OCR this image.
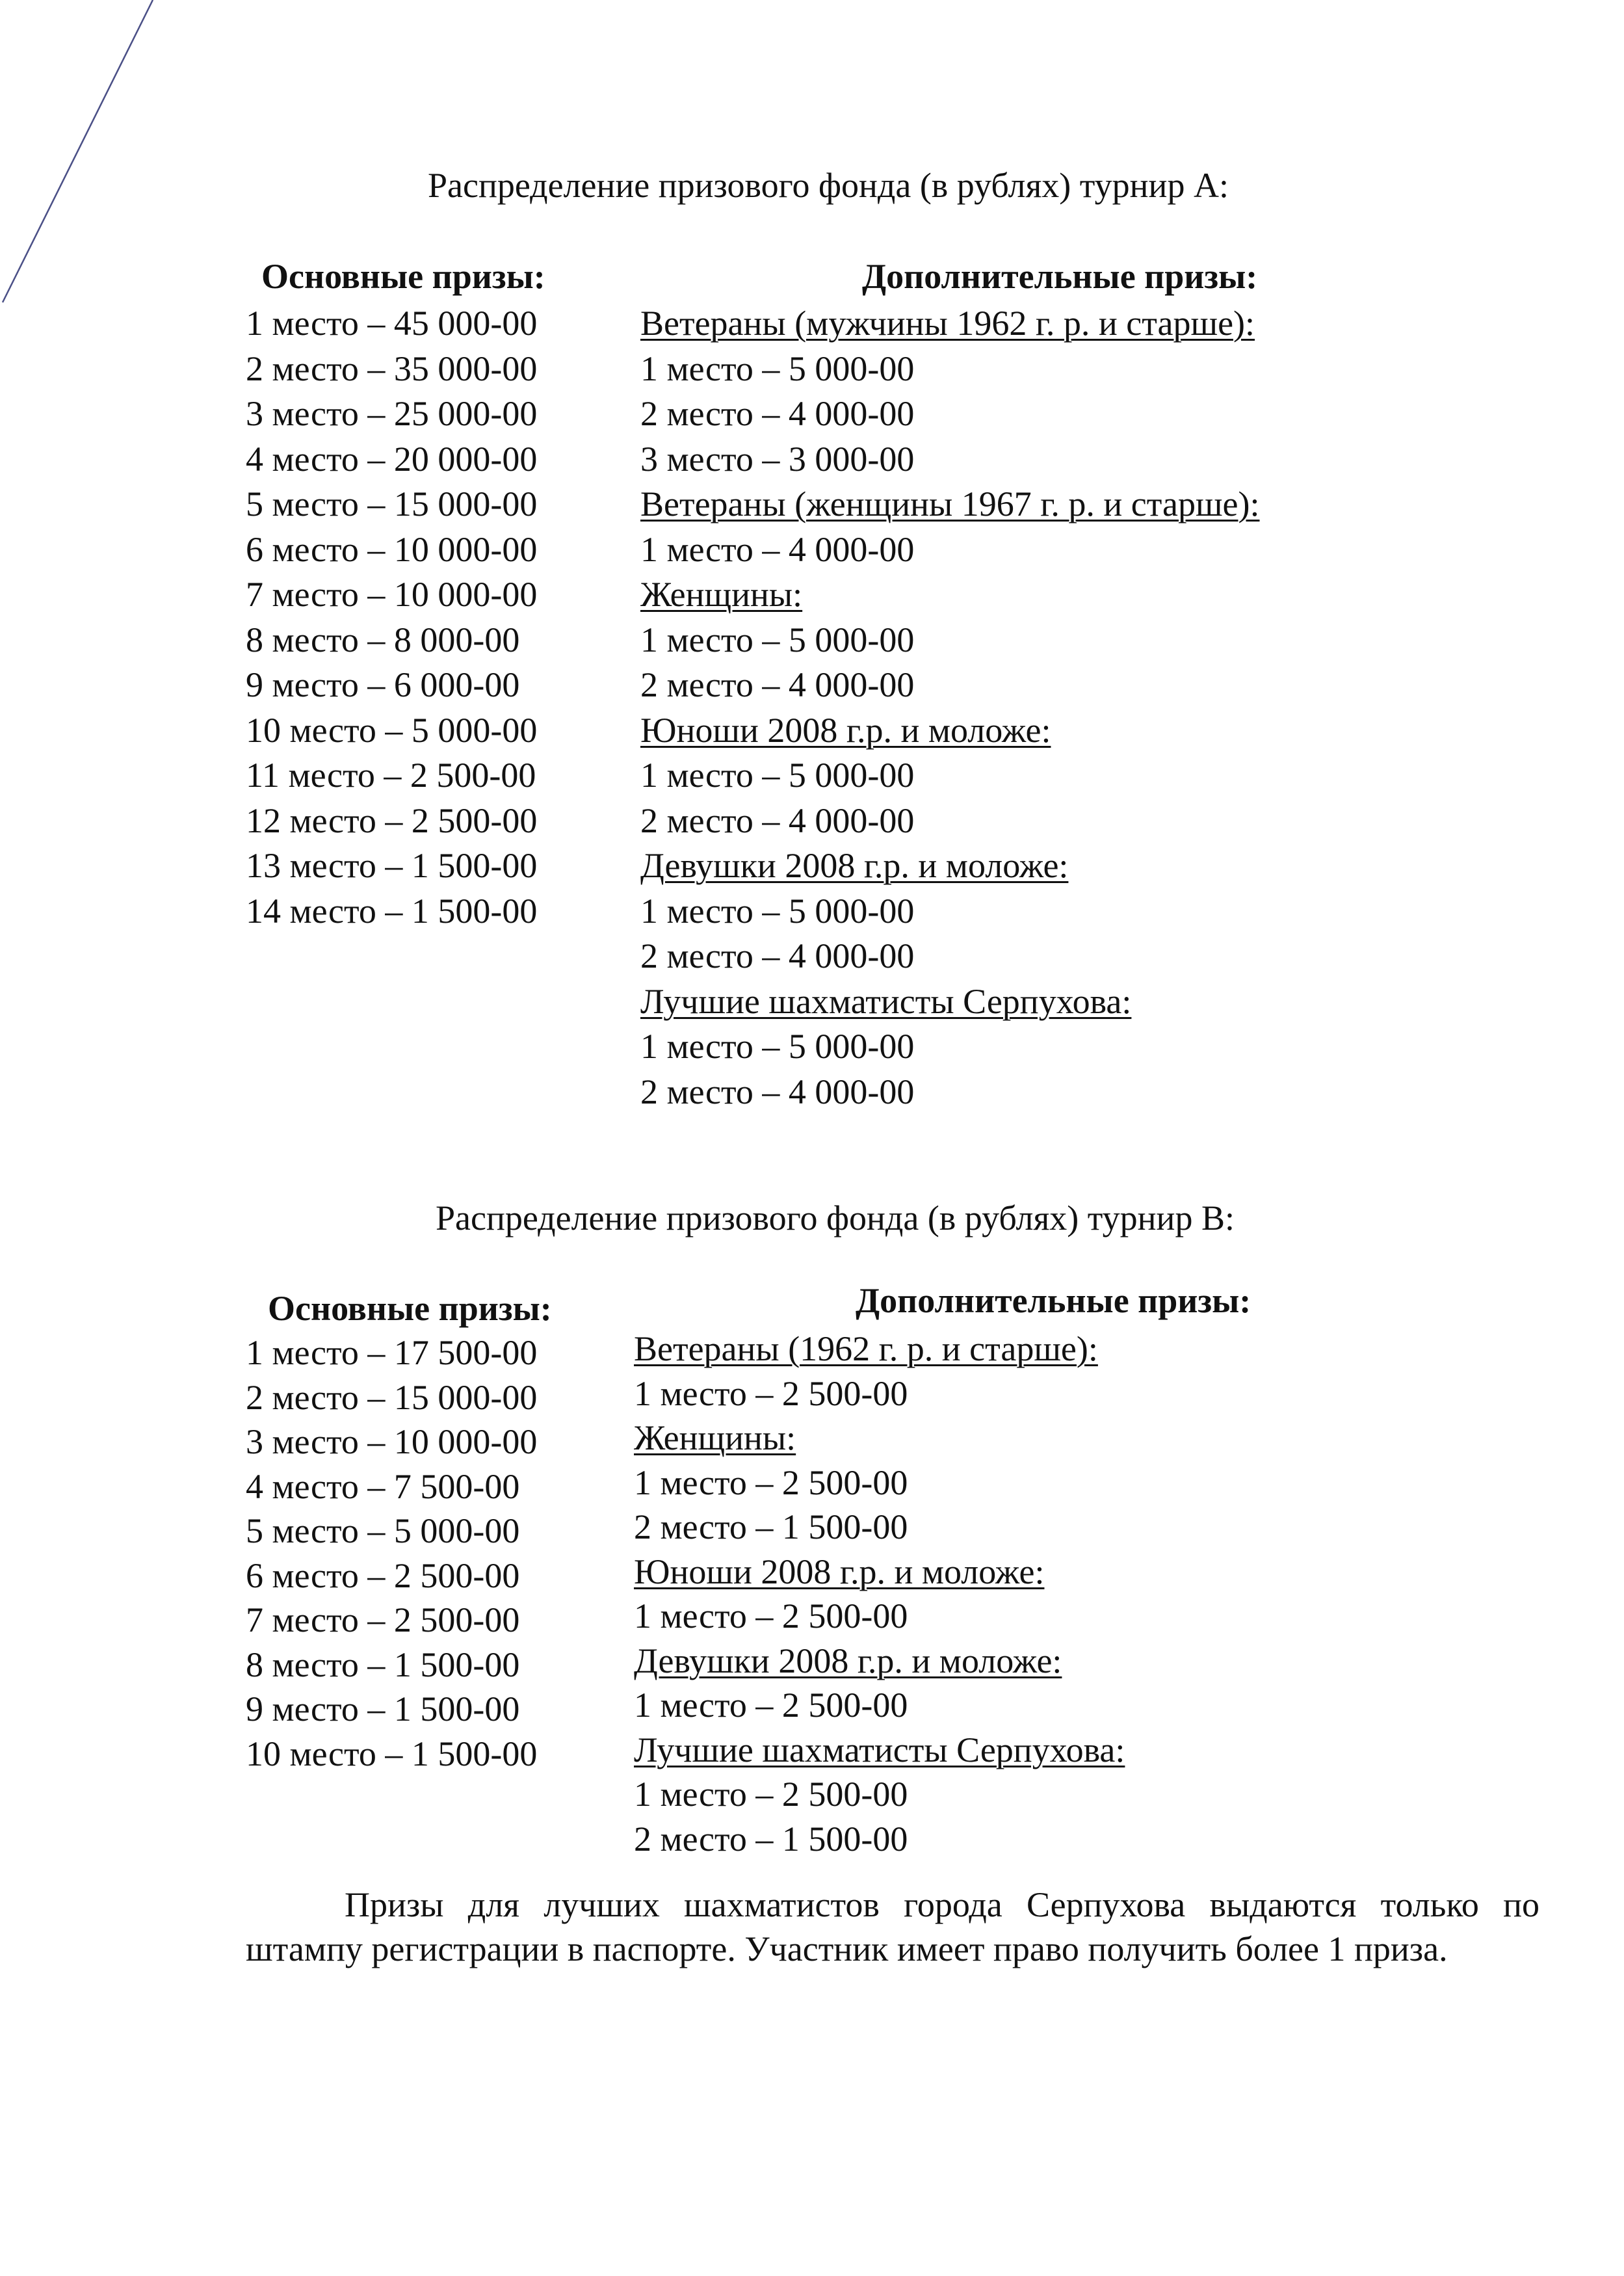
Распределение призового фонда (в рублях) турнир А:
Основные призы:	Дополнительные призы:
1 место – 45 000-00
2 место – 35 000-00
3 место – 25 000-00
4 место – 20 000-00
5 место – 15 000-00
6 место – 10 000-00
7 место – 10 000-00
8 место – 8 000-00
9 место – 6 000-00
10 место – 5 000-00
11 место – 2 500-00
12 место – 2 500-00
13 место – 1 500-00
14 место – 1 500-00
Ветераны (мужчины 1962 г. р. и старше):
1 место – 5 000-00
2 место – 4 000-00
3 место – 3 000-00
Ветераны (женщины 1967 г. р. и старше):
1 место – 4 000-00
Женщины:
1 место – 5 000-00
2 место – 4 000-00
Юноши 2008 г.р. и моложе:
1 место – 5 000-00
2 место – 4 000-00
Девушки 2008 г.р. и моложе:
1 место – 5 000-00
2 место – 4 000-00
Лучшие шахматисты Серпухова:
1 место – 5 000-00
2 место – 4 000-00
Распределение призового фонда (в рублях) турнир В:
Основные призы:	Дополнительные призы:
1 место – 17 500-00
2 место – 15 000-00
3 место – 10 000-00
4 место – 7 500-00
5 место – 5 000-00
6 место – 2 500-00
7 место – 2 500-00
8 место – 1 500-00
9 место – 1 500-00
10 место – 1 500-00
Ветераны (1962 г. р. и старше):
1 место – 2 500-00
Женщины:
1 место – 2 500-00
2 место – 1 500-00
Юноши 2008 г.р. и моложе:
1 место – 2 500-00
Девушки 2008 г.р. и моложе:
1 место – 2 500-00
Лучшие шахматисты Серпухова:
1 место – 2 500-00
2 место – 1 500-00

Призы для лучших шахматистов города Серпухова выдаются только по штампу регистрации в паспорте. Участник имеет право получить более 1 приза.
